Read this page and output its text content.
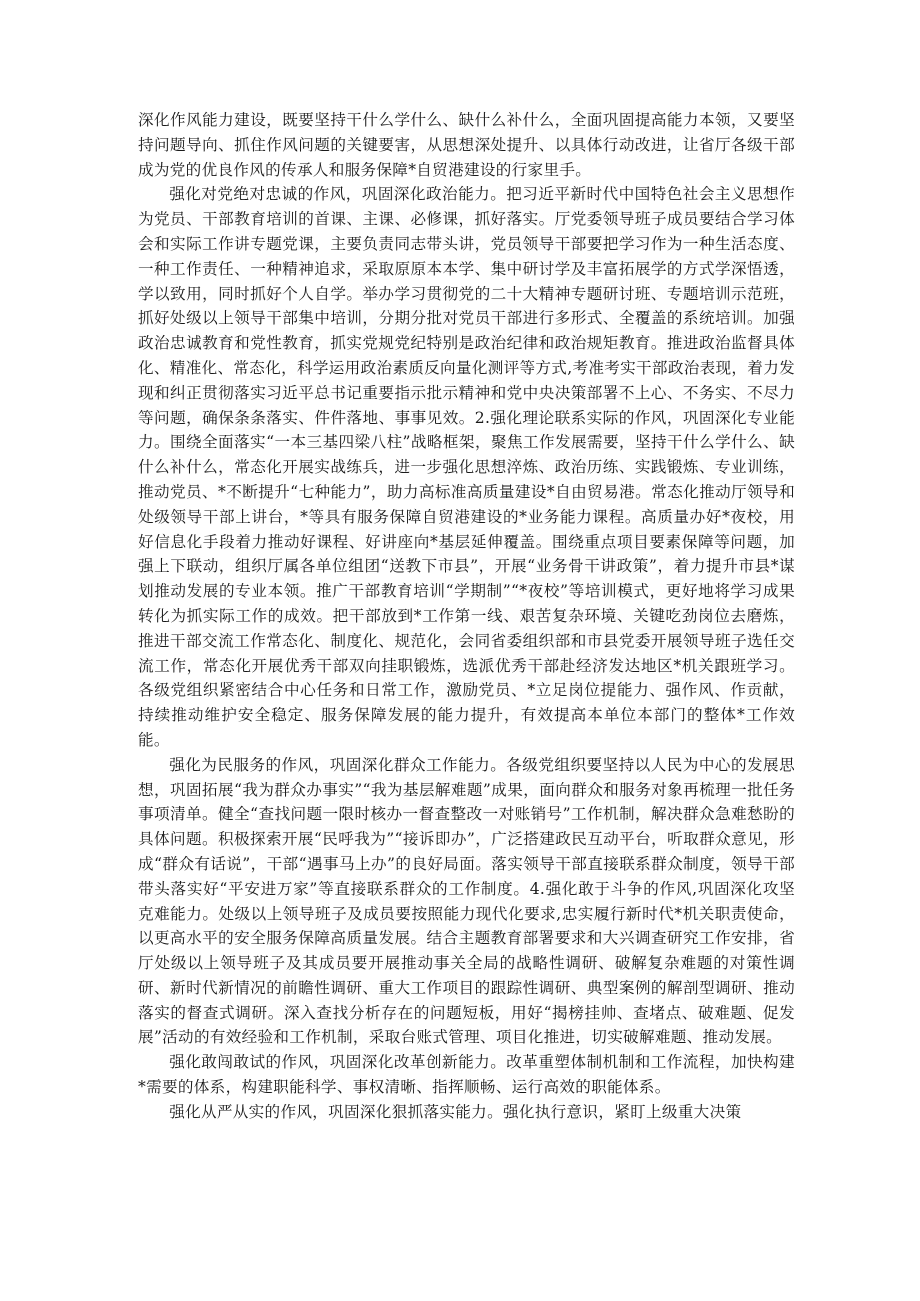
深化作风能力建设，既要坚持干什么学什么、缺什么补什么，全面巩固提高能力本领，又要坚持问题导向、抓住作风问题的关键要害，从思想深处提升、以具体行动改进，让省厅各级干部成为党的优良作风的传承人和服务保障*自贸港建设的行家里手。

强化对党绝对忠诚的作风，巩固深化政治能力。把习近平新时代中国特色社会主义思想作为党员、干部教育培训的首课、主课、必修课，抓好落实。厅党委领导班子成员要结合学习体会和实际工作讲专题党课，主要负责同志带头讲，党员领导干部要把学习作为一种生活态度、一种工作责任、一种精神追求，采取原原本本学、集中研讨学及丰富拓展学的方式学深悟透，学以致用，同时抓好个人自学。举办学习贯彻党的二十大精神专题研讨班、专题培训示范班，抓好处级以上领导干部集中培训，分期分批对党员干部进行多形式、全覆盖的系统培训。加强政治忠诚教育和党性教育，抓实党规党纪特别是政治纪律和政治规矩教育。推进政治监督具体化、精准化、常态化，科学运用政治素质反向量化测评等方式,考准考实干部政治表现，着力发现和纠正贯彻落实习近平总书记重要指示批示精神和党中央决策部署不上心、不务实、不尽力等问题，确保条条落实、件件落地、事事见效。2.强化理论联系实际的作风，巩固深化专业能力。围绕全面落实“一本三基四梁八柱”战略框架，聚焦工作发展需要，坚持干什么学什么、缺什么补什么，常态化开展实战练兵，进一步强化思想淬炼、政治历练、实践锻炼、专业训练，推动党员、*不断提升“七种能力”，助力高标准高质量建设*自由贸易港。常态化推动厅领导和处级领导干部上讲台，*等具有服务保障自贸港建设的*业务能力课程。高质量办好*夜校，用好信息化手段着力推动好课程、好讲座向*基层延伸覆盖。围绕重点项目要素保障等问题，加强上下联动，组织厅属各单位组团“送教下市县”，开展“业务骨干讲政策”，着力提升市县*谋划推动发展的专业本领。推广干部教育培训“学期制”“*夜校”等培训模式，更好地将学习成果转化为抓实际工作的成效。把干部放到*工作第一线、艰苦复杂环境、关键吃劲岗位去磨炼，推进干部交流工作常态化、制度化、规范化，会同省委组织部和市县党委开展领导班子选任交流工作，常态化开展优秀干部双向挂职锻炼，选派优秀干部赴经济发达地区*机关跟班学习。各级党组织紧密结合中心任务和日常工作，激励党员、*立足岗位提能力、强作风、作贡献，持续推动维护安全稳定、服务保障发展的能力提升，有效提高本单位本部门的整体*工作效能。

强化为民服务的作风，巩固深化群众工作能力。各级党组织要坚持以人民为中心的发展思想，巩固拓展“我为群众办事实”“我为基层解难题”成果，面向群众和服务对象再梳理一批任务事项清单。健全“查找问题一限时核办一督查整改一对账销号”工作机制，解决群众急难愁盼的具体问题。积极探索开展“民呼我为”“接诉即办”，广泛搭建政民互动平台，听取群众意见，形成“群众有话说”，干部“遇事马上办”的良好局面。落实领导干部直接联系群众制度，领导干部带头落实好“平安进万家”等直接联系群众的工作制度。4.强化敢于斗争的作风,巩固深化攻坚克难能力。处级以上领导班子及成员要按照能力现代化要求,忠实履行新时代*机关职责使命，以更高水平的安全服务保障高质量发展。结合主题教育部署要求和大兴调查研究工作安排，省厅处级以上领导班子及其成员要开展推动事关全局的战略性调研、破解复杂难题的对策性调研、新时代新情况的前瞻性调研、重大工作项目的跟踪性调研、典型案例的解剖型调研、推动落实的督查式调研。深入查找分析存在的问题短板，用好“揭榜挂帅、查堵点、破难题、促发展”活动的有效经验和工作机制，采取台账式管理、项目化推进，切实破解难题、推动发展。

强化敢闯敢试的作风，巩固深化改革创新能力。改革重塑体制机制和工作流程，加快构建*需要的体系，构建职能科学、事权清晰、指挥顺畅、运行高效的职能体系。

强化从严从实的作风，巩固深化狠抓落实能力。强化执行意识，紧盯上级重大决策
